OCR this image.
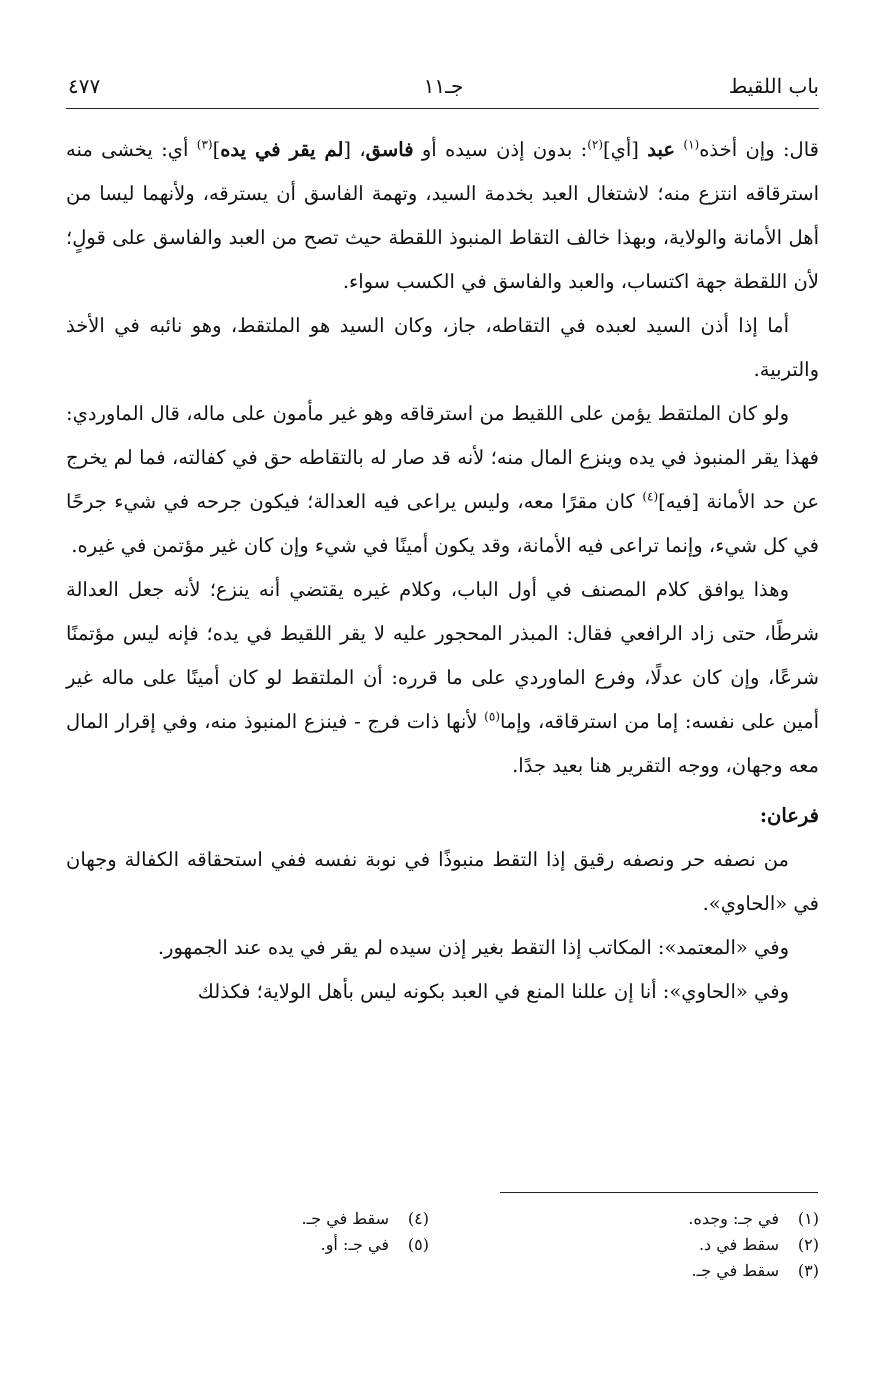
باب اللقيط
جـ١١
٤٧٧

قال: وإن أخذه$^{(١)}$ عبد [أي]$^{(٢)}$: بدون إذن سيده أو فاسق، [لم يقر في يده]$^{(٣)}$ أي: يخشى منه استرقاقه انتزع منه؛ لاشتغال العبد بخدمة السيد، وتهمة الفاسق أن يسترقه، ولأنهما ليسا من أهل الأمانة والولاية، وبهذا خالف التقاط المنبوذ اللقطة حيث تصح من العبد والفاسق على قولٍ؛ لأن اللقطة جهة اكتساب، والعبد والفاسق في الكسب سواء.

أما إذا أذن السيد لعبده في التقاطه، جاز، وكان السيد هو الملتقط، وهو نائبه في الأخذ والتربية.

ولو كان الملتقط يؤمن على اللقيط من استرقاقه وهو غير مأمون على ماله، قال الماوردي: فهذا يقر المنبوذ في يده وينزع المال منه؛ لأنه قد صار له بالتقاطه حق في كفالته، فما لم يخرج عن حد الأمانة [فيه]$^{(٤)}$ كان مقرًا معه، وليس يراعى فيه العدالة؛ فيكون جرحه في شيء جرحًا في كل شيء، وإنما تراعى فيه الأمانة، وقد يكون أمينًا في شيء وإن كان غير مؤتمن في غيره.

وهذا يوافق كلام المصنف في أول الباب، وكلام غيره يقتضي أنه ينزع؛ لأنه جعل العدالة شرطًا، حتى زاد الرافعي فقال: المبذر المحجور عليه لا يقر اللقيط في يده؛ فإنه ليس مؤتمنًا شرعًا، وإن كان عدلًا، وفرع الماوردي على ما قرره: أن الملتقط لو كان أمينًا على ماله غير أمين على نفسه: إما من استرقاقه، وإما$^{(٥)}$ لأنها ذات فرج - فينزع المنبوذ منه، وفي إقرار المال معه وجهان، ووجه التقرير هنا بعيد جدًا.

فرعان:

من نصفه حر ونصفه رقيق إذا التقط منبوذًا في نوبة نفسه ففي استحقاقه الكفالة وجهان في «الحاوي».

وفي «المعتمد»: المكاتب إذا التقط بغير إذن سيده لم يقر في يده عند الجمهور.

وفي «الحاوي»: أنا إن عللنا المنع في العبد بكونه ليس بأهل الولاية؛ فكذلك

(١)في جـ: وجده.
(٢)سقط في د.
(٣)سقط في جـ.
(٤)سقط في جـ.
(٥)في جـ: أو.
